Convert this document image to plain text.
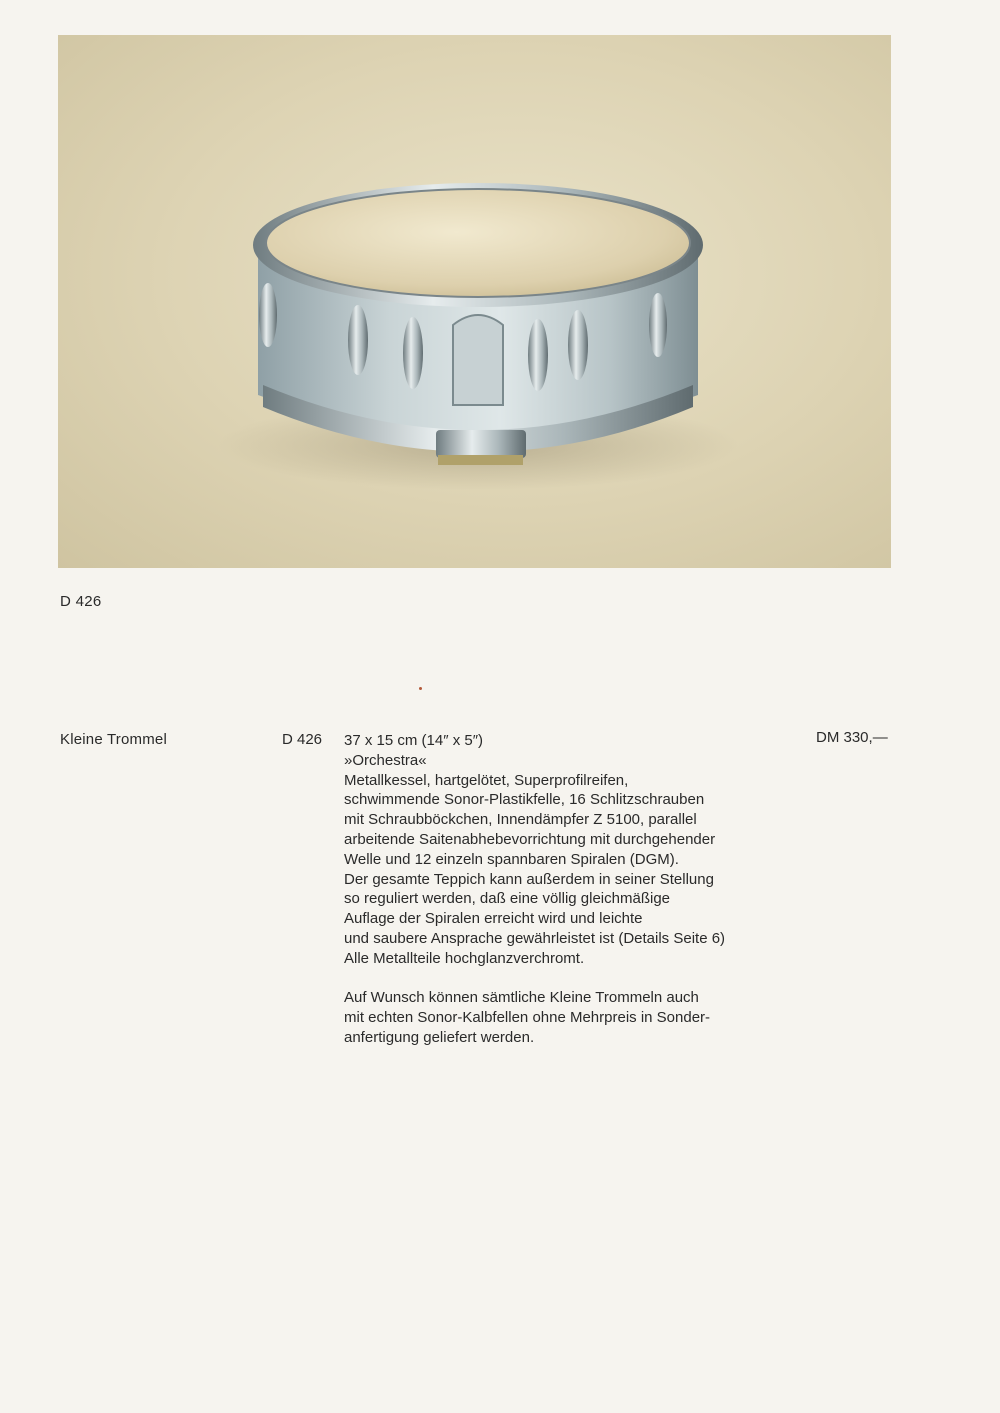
D 426
Kleine Trommel	D 426	DM 330,—
37 x 15 cm (14″ x 5″)
»Orchestra«
Metallkessel, hartgelötet, Superprofilreifen,
schwimmende Sonor-Plastikfelle, 16 Schlitzschrauben
mit Schraubböckchen, Innendämpfer Z 5100, parallel
arbeitende Saitenabhebevorrichtung mit durchgehender
Welle und 12 einzeln spannbaren Spiralen (DGM).
Der gesamte Teppich kann außerdem in seiner Stellung
so reguliert werden, daß eine völlig gleichmäßige
Auflage der Spiralen erreicht wird und leichte
und saubere Ansprache gewährleistet ist (Details Seite 6)
Alle Metallteile hochglanzverchromt.
Auf Wunsch können sämtliche Kleine Trommeln auch
mit echten Sonor-Kalbfellen ohne Mehrpreis in Sonder-
anfertigung geliefert werden.
